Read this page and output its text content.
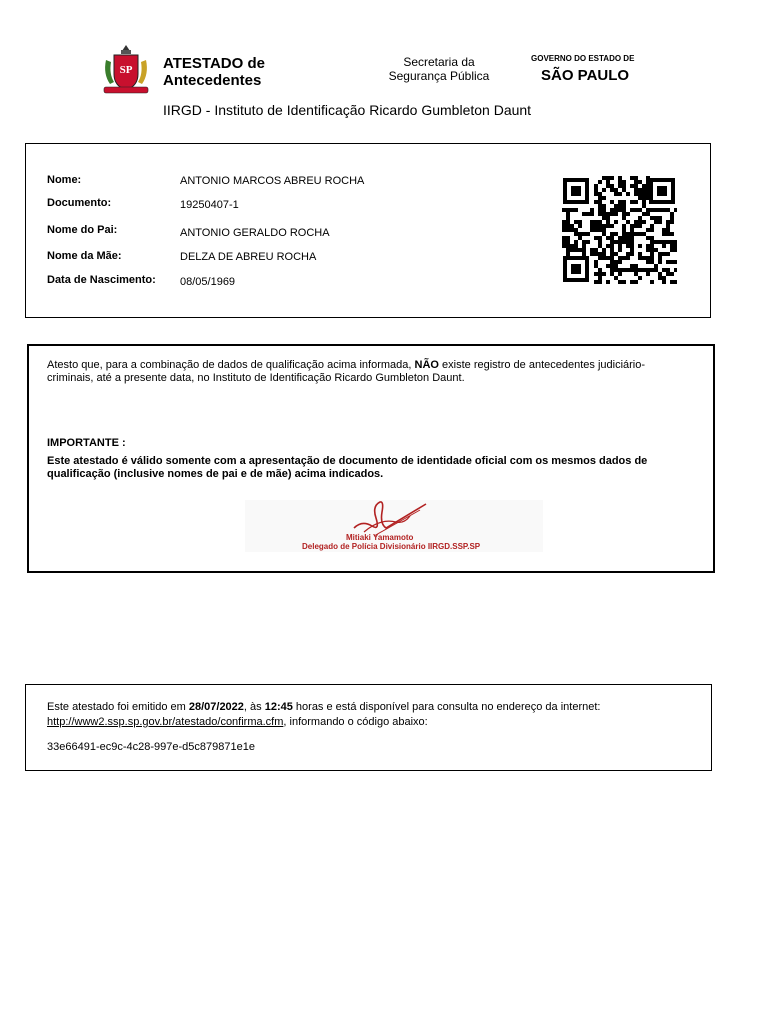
SP ATESTADO de
Antecedentes
Secretaria da
Segurança Pública
GOVERNO DO ESTADO DE
SÃO PAULO
IIRGD - Instituto de Identificação Ricardo Gumbleton Daunt
Nome:	ANTONIO MARCOS ABREU ROCHA
Documento:	19250407-1
Nome do Pai:	ANTONIO GERALDO ROCHA
Nome da Mãe:	DELZA DE ABREU ROCHA
Data de Nascimento: 08/05/1969
Atesto que, para a combinação de dados de qualificação acima informada, NÃO existe registro de antecedentes judiciário-criminais, até a presente data, no Instituto de Identificação Ricardo Gumbleton Daunt.
IMPORTANTE :
Este atestado é válido somente com a apresentação de documento de identidade oficial com os mesmos dados de qualificação (inclusive nomes de pai e de mãe) acima indicados.
Mitiaki Yamamoto
Delegado de Polícia Divisionário IIRGD.SSP.SP
Este atestado foi emitido em 28/07/2022, às 12:45 horas e está disponível para consulta no endereço da internet:
http://www2.ssp.sp.gov.br/atestado/confirma.cfm, informando o código abaixo:
33e66491-ec9c-4c28-997e-d5c879871e1e
